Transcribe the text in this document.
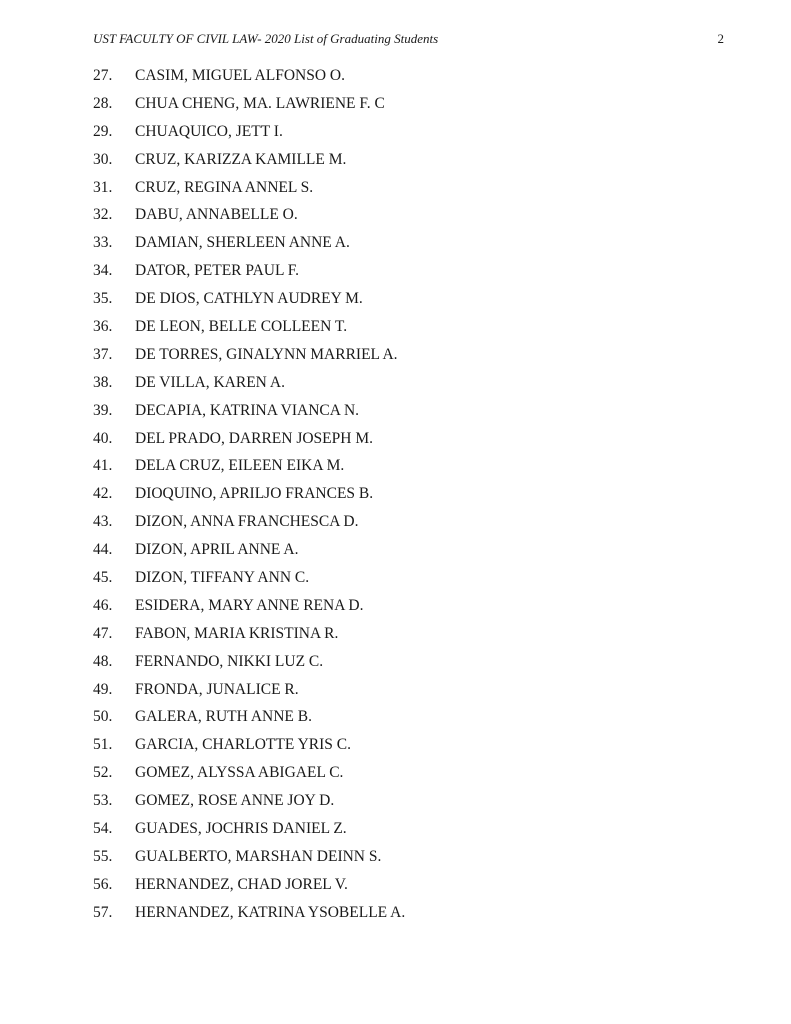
UST FACULTY OF CIVIL LAW- 2020 List of Graduating Students	2
27.	CASIM, MIGUEL ALFONSO O.
28.	CHUA CHENG, MA. LAWRIENE F. C
29.	CHUAQUICO, JETT I.
30.	CRUZ, KARIZZA KAMILLE M.
31.	CRUZ, REGINA ANNEL S.
32.	DABU, ANNABELLE O.
33.	DAMIAN, SHERLEEN ANNE A.
34.	DATOR, PETER PAUL F.
35.	DE DIOS, CATHLYN AUDREY M.
36.	DE LEON, BELLE COLLEEN T.
37.	DE TORRES, GINALYNN MARRIEL A.
38.	DE VILLA, KAREN A.
39.	DECAPIA, KATRINA VIANCA N.
40.	DEL PRADO, DARREN JOSEPH M.
41.	DELA CRUZ, EILEEN EIKA M.
42.	DIOQUINO, APRILJO FRANCES B.
43.	DIZON, ANNA FRANCHESCA D.
44.	DIZON, APRIL ANNE A.
45.	DIZON, TIFFANY ANN C.
46.	ESIDERA, MARY ANNE RENA D.
47.	FABON, MARIA KRISTINA R.
48.	FERNANDO, NIKKI LUZ C.
49.	FRONDA, JUNALICE R.
50.	GALERA, RUTH ANNE B.
51.	GARCIA, CHARLOTTE YRIS C.
52.	GOMEZ, ALYSSA ABIGAEL C.
53.	GOMEZ, ROSE ANNE JOY D.
54.	GUADES, JOCHRIS DANIEL Z.
55.	GUALBERTO, MARSHAN DEINN S.
56.	HERNANDEZ, CHAD JOREL V.
57.	HERNANDEZ, KATRINA YSOBELLE A.
